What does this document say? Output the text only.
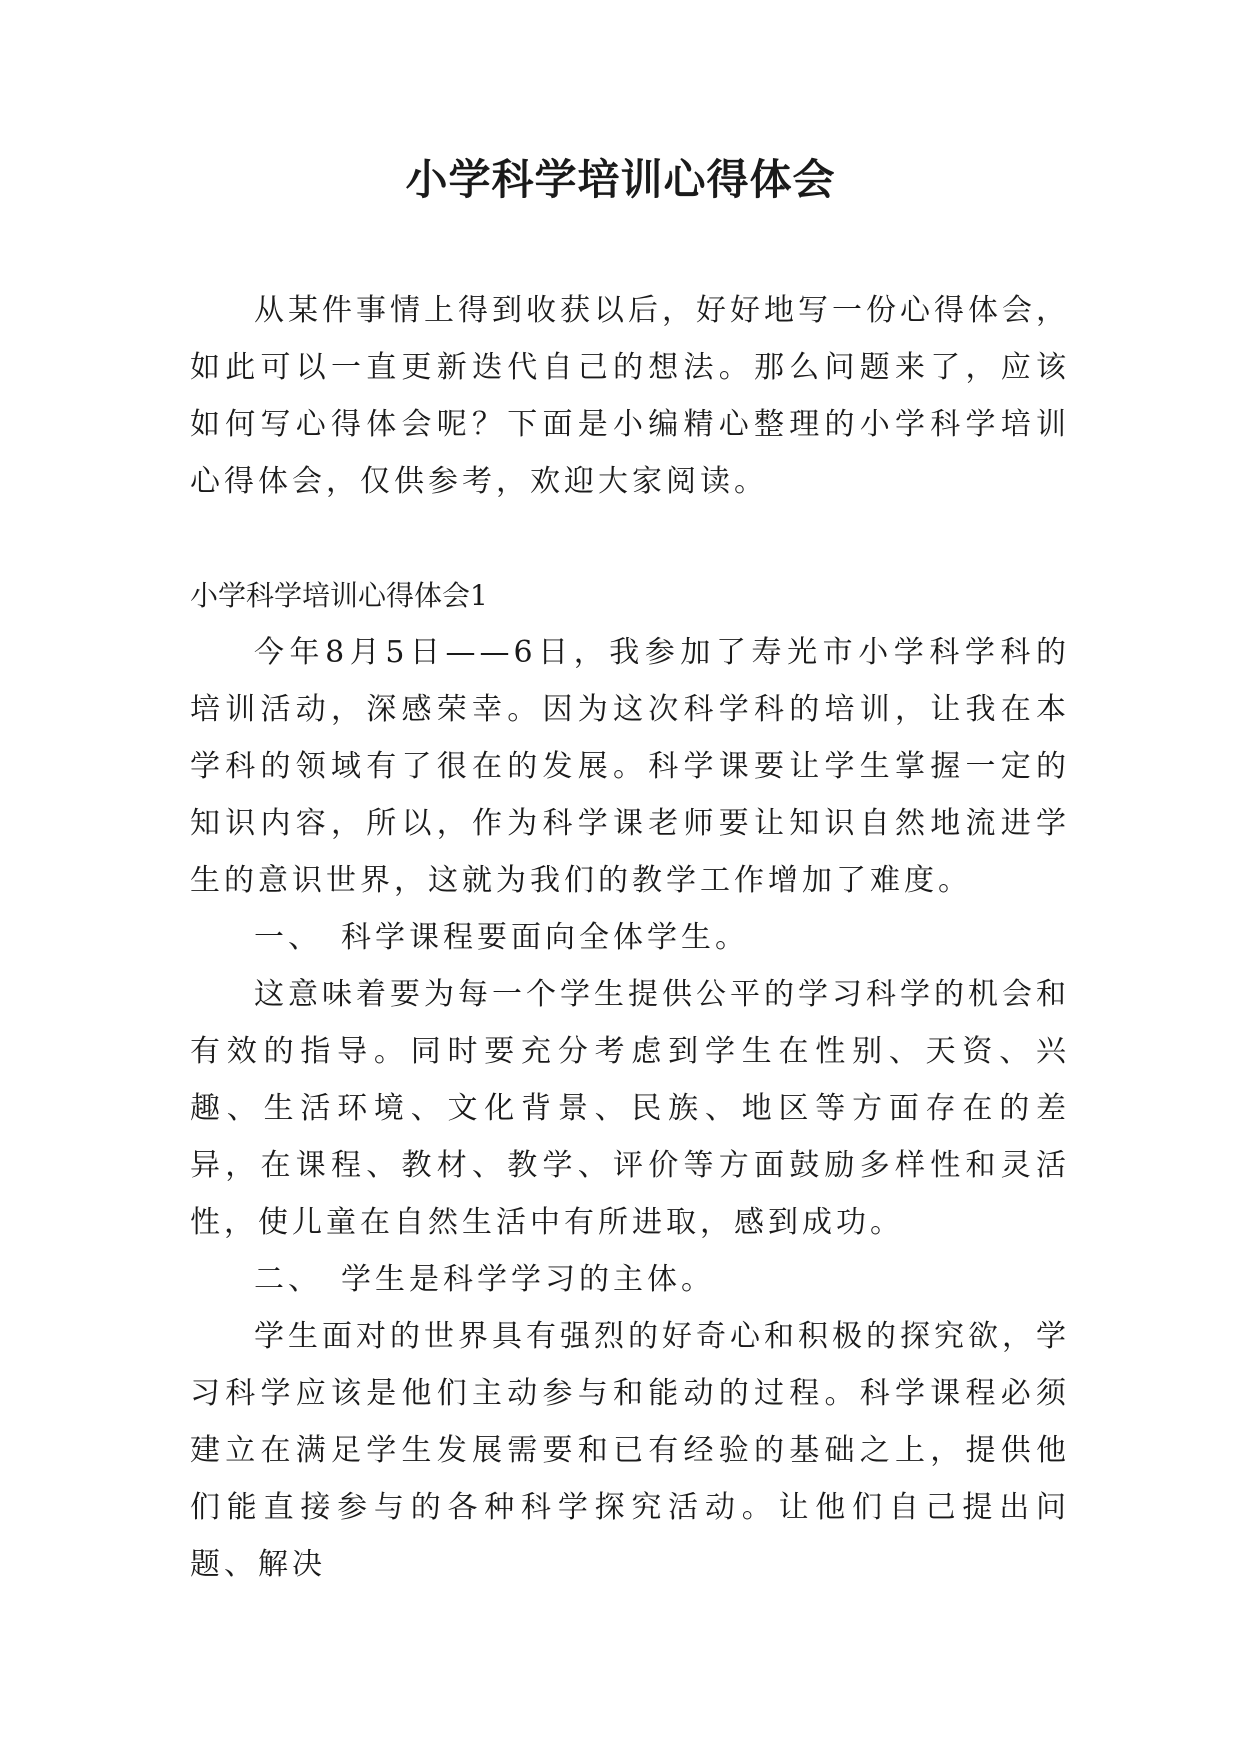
小学科学培训心得体会

从某件事情上得到收获以后，好好地写一份心得体会，如此可以一直更新迭代自己的想法。那么问题来了，应该如何写心得体会呢？下面是小编精心整理的小学科学培训心得体会，仅供参考，欢迎大家阅读。

小学科学培训心得体会1

今年8月5日——6日，我参加了寿光市小学科学科的培训活动，深感荣幸。因为这次科学科的培训，让我在本学科的领域有了很在的发展。科学课要让学生掌握一定的知识内容，所以，作为科学课老师要让知识自然地流进学生的意识世界，这就为我们的教学工作增加了难度。

一、　科学课程要面向全体学生。

这意味着要为每一个学生提供公平的学习科学的机会和有效的指导。同时要充分考虑到学生在性别、天资、兴趣、生活环境、文化背景、民族、地区等方面存在的差异，在课程、教材、教学、评价等方面鼓励多样性和灵活性，使儿童在自然生活中有所进取，感到成功。

二、　学生是科学学习的主体。

学生面对的世界具有强烈的好奇心和积极的探究欲，学习科学应该是他们主动参与和能动的过程。科学课程必须建立在满足学生发展需要和已有经验的基础之上，提供他们能直接参与的各种科学探究活动。让他们自己提出问题、解决
